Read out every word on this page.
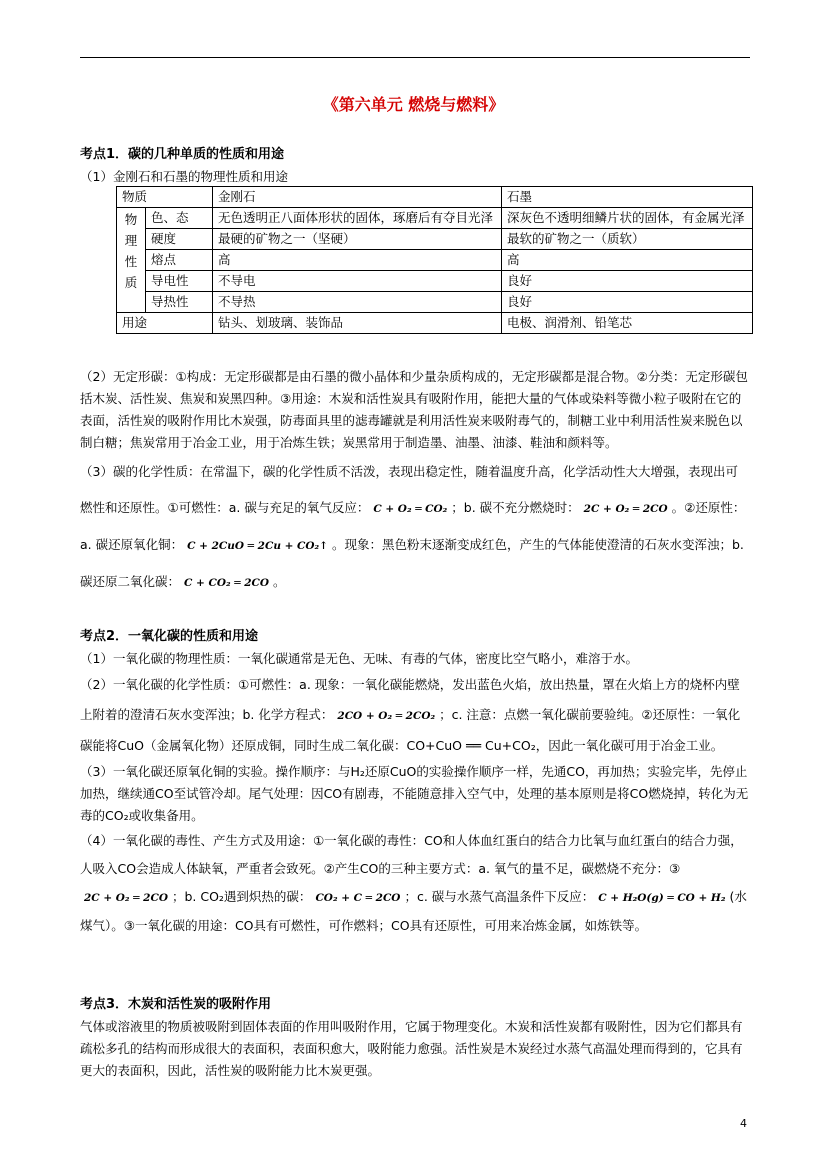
《第六单元 燃烧与燃料》

考点1．碳的几种单质的性质和用途

（1）金刚石和石墨的物理性质和用途

物质		金刚石	石墨

物
理
性
质	色、态	无色透明正八面体形状的固体，琢磨后有夺目光泽	深灰色不透明细鳞片状的固体，有金属光泽
	硬度	最硬的矿物之一（坚硬）	最软的矿物之一（质软）
	熔点	高	高
	导电性	不导电	良好
	导热性	不导热	良好
用途		钻头、划玻璃、装饰品	电极、润滑剂、铅笔芯

（2）无定形碳：①构成：无定形碳都是由石墨的微小晶体和少量杂质构成的，无定形碳都是混合物。②分类：无定形碳包括木炭、活性炭、焦炭和炭黑四种。③用途：木炭和活性炭具有吸附作用，能把大量的气体或染料等微小粒子吸附在它的表面，活性炭的吸附作用比木炭强，防毒面具里的滤毒罐就是利用活性炭来吸附毒气的，制糖工业中利用活性炭来脱色以制白糖；焦炭常用于冶金工业，用于冶炼生铁；炭黑常用于制造墨、油墨、油漆、鞋油和颜料等。

（3）碳的化学性质：在常温下，碳的化学性质不活泼，表现出稳定性，随着温度升高，化学活动性大大增强，表现出可燃性和还原性。①可燃性：a. 碳与充足的氧气反应： C + O₂ ═ CO₂ ；b. 碳不充分燃烧时： 2C + O₂ ═ 2CO 。②还原性：a. 碳还原氧化铜： C + 2CuO ═ 2Cu + CO₂↑ 。现象：黑色粉末逐渐变成红色，产生的气体能使澄清的石灰水变浑浊；b. 碳还原二氧化碳： C + CO₂ ═ 2CO 。

考点2．一氧化碳的性质和用途

（1）一氧化碳的物理性质：一氧化碳通常是无色、无味、有毒的气体，密度比空气略小，难溶于水。

（2）一氧化碳的化学性质：①可燃性：a. 现象：一氧化碳能燃烧，发出蓝色火焰，放出热量，罩在火焰上方的烧杯内壁上附着的澄清石灰水变浑浊；b. 化学方程式： 2CO + O₂ ═ 2CO₂ ；c. 注意：点燃一氧化碳前要验纯。②还原性：一氧化碳能将CuO（金属氧化物）还原成铜，同时生成二氧化碳：CO+CuO ══ Cu+CO₂，因此一氧化碳可用于冶金工业。

（3）一氧化碳还原氧化铜的实验。操作顺序：与H₂还原CuO的实验操作顺序一样，先通CO，再加热；实验完毕，先停止加热，继续通CO至试管冷却。尾气处理：因CO有剧毒，不能随意排入空气中，处理的基本原则是将CO燃烧掉，转化为无毒的CO₂或收集备用。

（4）一氧化碳的毒性、产生方式及用途：①一氧化碳的毒性：CO和人体血红蛋白的结合力比氧与血红蛋白的结合力强，人吸入CO会造成人体缺氧，严重者会致死。②产生CO的三种主要方式：a. 氧气的量不足，碳燃烧不充分：③2C + O₂ ═ 2CO ；b. CO₂遇到炽热的碳： CO₂ + C ═ 2CO ；c. 碳与水蒸气高温条件下反应： C + H₂O(g) ═ CO + H₂ (水煤气）。③一氧化碳的用途：CO具有可燃性，可作燃料；CO具有还原性，可用来冶炼金属，如炼铁等。

考点3．木炭和活性炭的吸附作用

气体或溶液里的物质被吸附到固体表面的作用叫吸附作用，它属于物理变化。木炭和活性炭都有吸附性，因为它们都具有疏松多孔的结构而形成很大的表面积，表面积愈大，吸附能力愈强。活性炭是木炭经过水蒸气高温处理而得到的，它具有更大的表面积，因此，活性炭的吸附能力比木炭更强。

4
